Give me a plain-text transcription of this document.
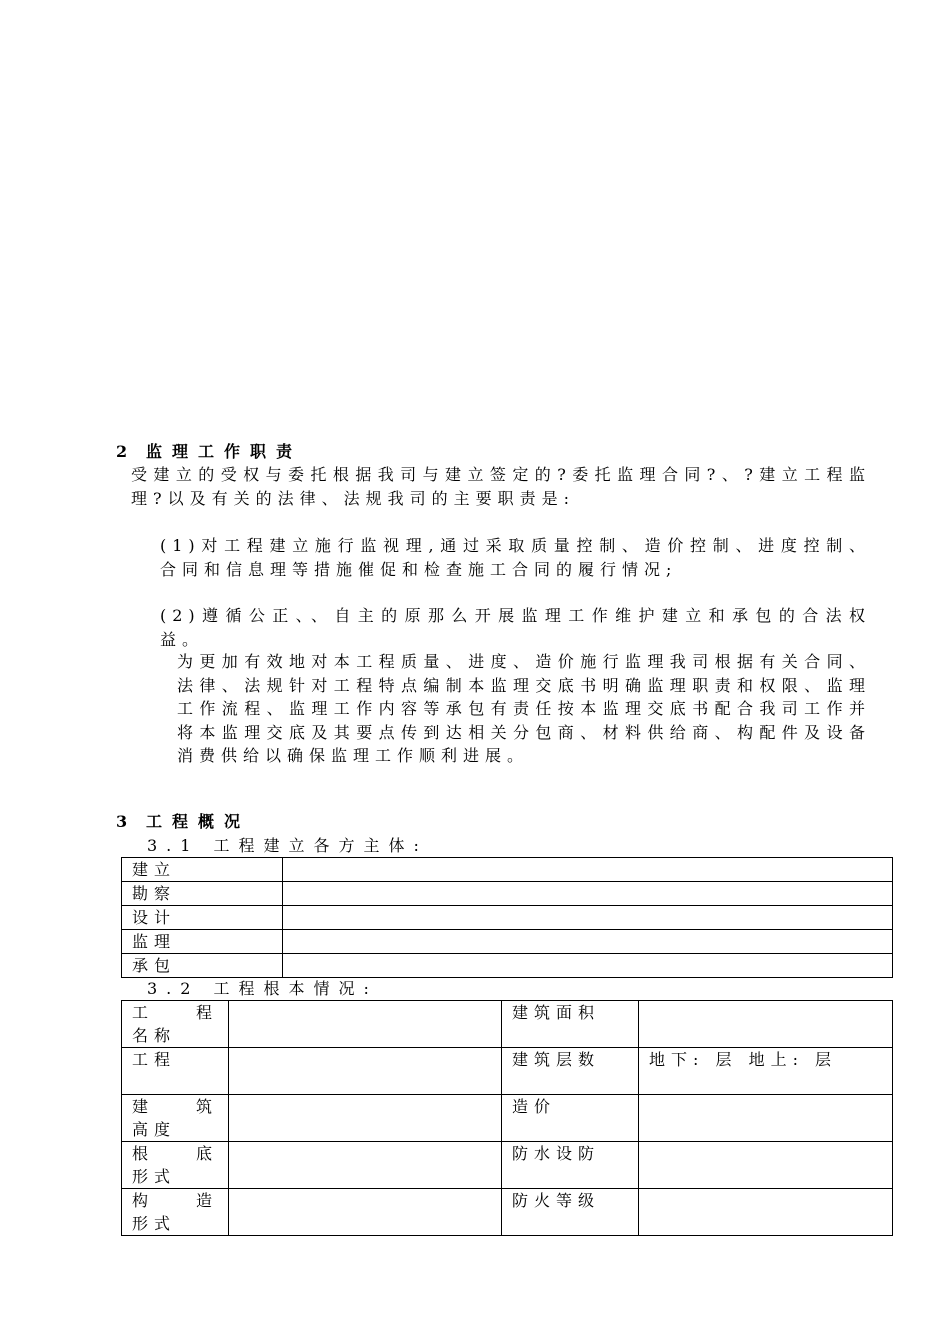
2 监理工作职责
受建立的受权与委托根据我司与建立签定的?委托监理合同?、?建立工程监理?以及有关的法律、法规我司的主要职责是:
(1)对工程建立施行监视理,通过采取质量控制、造价控制、进度控制、合同和信息理等措施催促和检查施工合同的履行情况;
(2)遵循公正、、自主的原那么开展监理工作维护建立和承包的合法权益。
为更加有效地对本工程质量、进度、造价施行监理我司根据有关合同、法律、法规针对工程特点编制本监理交底书明确监理职责和权限、监理工作流程、监理工作内容等承包有责任按本监理交底书配合我司工作并将本监理交底及其要点传到达相关分包商、材料供给商、构配件及设备消费供给以确保监理工作顺利进展。
3 工程概况
3.1 工程建立各方主体:
建立	
勘察	
设计	
监理	
承包	
3.2 工程根本情况:
工 程 名称		建筑面积	
工程		建筑层数	地下: 层 地上: 层
建 筑 高度		造价	
根 底 形式		防水设防	
构 造 形式		防火等级	
